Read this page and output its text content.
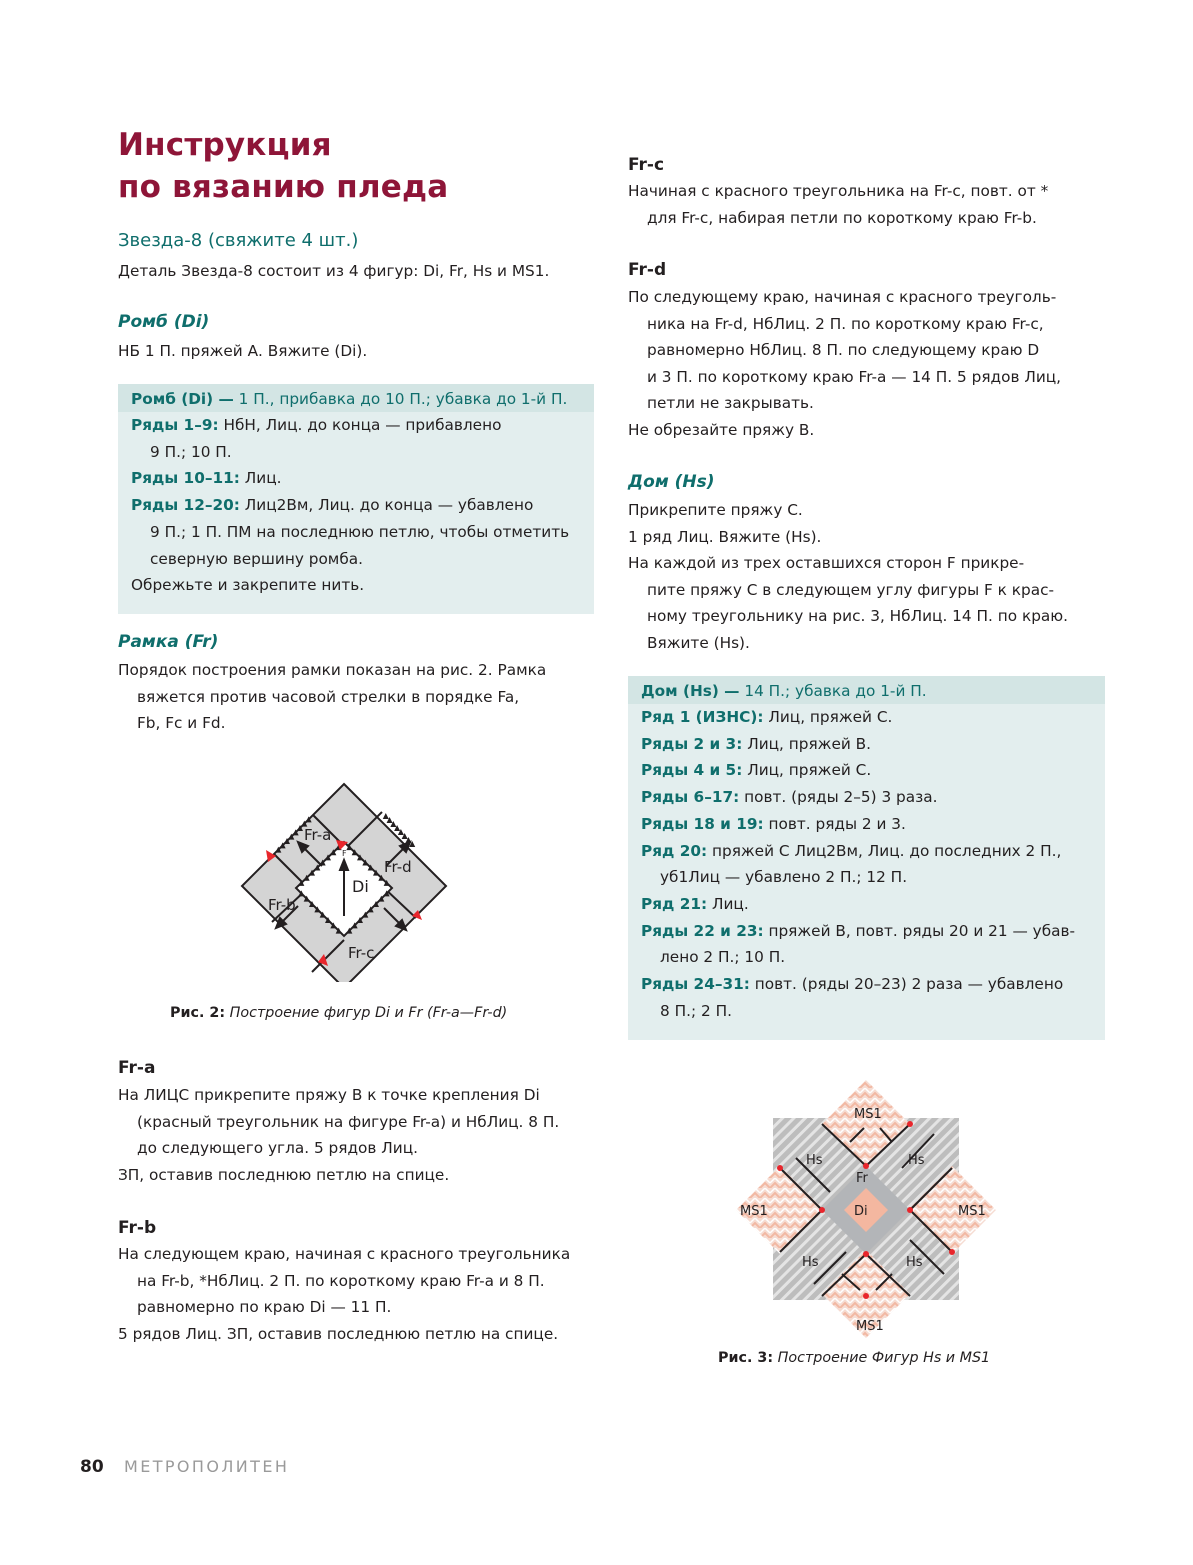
Инструкция
по вязанию пледа
Звезда-8 (свяжите 4 шт.)

Деталь Звезда-8 состоит из 4 фигур: Di, Fr, Hs и MS1.

Ромб (Di)

НБ 1 П. пряжей А. Вяжите (Di).

Ромб (Di) — 1 П., прибавка до 10 П.; убавка до 1-й П.
Ряды 1–9: НбН, Лиц. до конца — прибавлено
9 П.; 10 П.
Ряды 10–11: Лиц.
Ряды 12–20: Лиц2Вм, Лиц. до конца — убавлено
9 П.; 1 П. ПМ на последнюю петлю, чтобы отметить
северную вершину ромба.
Обрежьте и закрепите нить.
Рамка (Fr)
Порядок построения рамки показан на рис. 2. Рамка
вяжется против часовой стрелки в порядке Fa,
Fb, Fc и Fd.
Fr-a
Fr-b
Fr-c
Fr-d
Di
F

Рис. 2: Построение фигур Di и Fr (Fr-a—Fr-d)

Fr-a
На ЛИЦС прикрепите пряжу В к точке крепления Di
(красный треугольник на фигуре Fr-a) и НбЛиц. 8 П.
до следующего угла. 5 рядов Лиц.
ЗП, оставив последнюю петлю на спице.
Fr-b
На следующем краю, начиная с красного треугольника
на Fr-b, *НбЛиц. 2 П. по короткому краю Fr-a и 8 П.
равномерно по краю Di — 11 П.
5 рядов Лиц. ЗП, оставив последнюю петлю на спице.
Fr-c
Начиная с красного треугольника на Fr-c, повт. от *
для Fr-c, набирая петли по короткому краю Fr-b.
Fr-d
По следующему краю, начиная с красного треуголь-
ника на Fr-d, НбЛиц. 2 П. по короткому краю Fr-c,
равномерно НбЛиц. 8 П. по следующему краю D
и 3 П. по короткому краю Fr-a — 14 П. 5 рядов Лиц,
петли не закрывать.
Не обрезайте пряжу В.
Дом (Hs)
Прикрепите пряжу С.
1 ряд Лиц. Вяжите (Hs).
На каждой из трех оставшихся сторон F прикре-
пите пряжу С в следующем углу фигуры F к крас-
ному треугольнику на рис. 3, НбЛиц. 14 П. по краю.
Вяжите (Hs).
Дом (Hs) — 14 П.; убавка до 1-й П.
Ряд 1 (ИЗНС): Лиц, пряжей С.
Ряды 2 и 3: Лиц, пряжей В.
Ряды 4 и 5: Лиц, пряжей С.
Ряды 6–17: повт. (ряды 2–5) 3 раза.
Ряды 18 и 19: повт. ряды 2 и 3.
Ряд 20: пряжей С Лиц2Вм, Лиц. до последних 2 П.,
уб1Лиц — убавлено 2 П.; 12 П.
Ряд 21: Лиц.
Ряды 22 и 23: пряжей В, повт. ряды 20 и 21 — убав-
лено 2 П.; 10 П.
Ряды 24–31: повт. (ряды 20–23) 2 раза — убавлено
8 П.; 2 П.
MS1
MS1
MS1	MS1
Hs	Hs
Hs	Hs
Fr
Di

Рис. 3: Построение Фигур Hs и MS1

80 МЕТРОПОЛИТЕН
